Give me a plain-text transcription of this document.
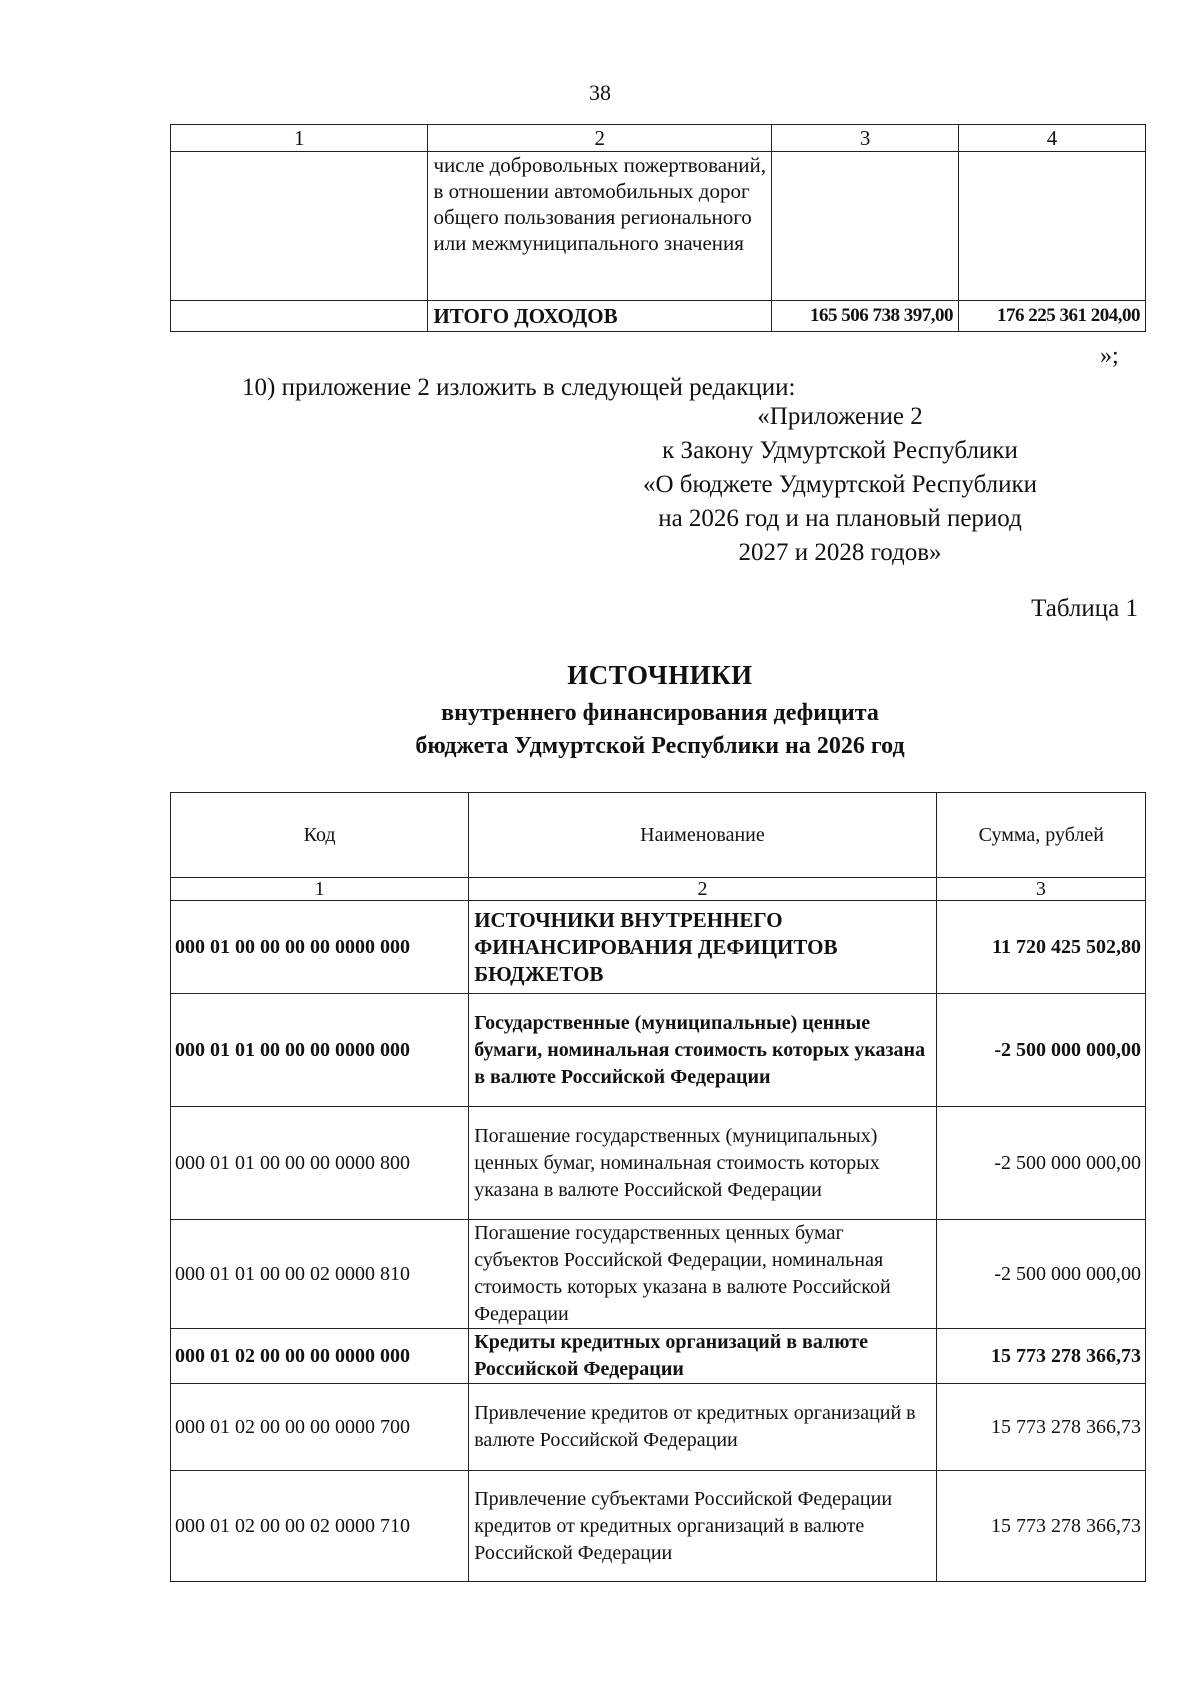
38
1	2	3	4
	числе добровольных пожертвований, в отношении автомобильных дорог общего пользования регионального или межмуниципального значения		
	ИТОГО ДОХОДОВ	165 506 738 397,00	176 225 361 204,00
»;
10) приложение 2 изложить в следующей редакции:
«Приложение 2
к Закону Удмуртской Республики
«О бюджете Удмуртской Республики
на 2026 год и на плановый период
2027 и 2028 годов»
Таблица 1
ИСТОЧНИКИ
внутреннего финансирования дефицита
бюджета Удмуртской Республики на 2026 год
Код	Наименование	Сумма, рублей
1	2	3
000 01 00 00 00 00 0000 000	ИСТОЧНИКИ ВНУТРЕННЕГО ФИНАНСИРОВАНИЯ ДЕФИЦИТОВ БЮДЖЕТОВ	11 720 425 502,80
000 01 01 00 00 00 0000 000	Государственные (муниципальные) ценные бумаги, номинальная стоимость которых указана в валюте Российской Федерации	-2 500 000 000,00
000 01 01 00 00 00 0000 800	Погашение государственных (муниципальных) ценных бумаг, номинальная стоимость которых указана в валюте Российской Федерации	-2 500 000 000,00
000 01 01 00 00 02 0000 810	Погашение государственных ценных бумаг субъектов Российской Федерации, номинальная стоимость которых указана в валюте Российской Федерации	-2 500 000 000,00
000 01 02 00 00 00 0000 000	Кредиты кредитных организаций в валюте Российской Федерации	15 773 278 366,73
000 01 02 00 00 00 0000 700	Привлечение кредитов от кредитных организаций в валюте Российской Федерации	15 773 278 366,73
000 01 02 00 00 02 0000 710	Привлечение субъектами Российской Федерации кредитов от кредитных организаций в валюте Российской Федерации	15 773 278 366,73
